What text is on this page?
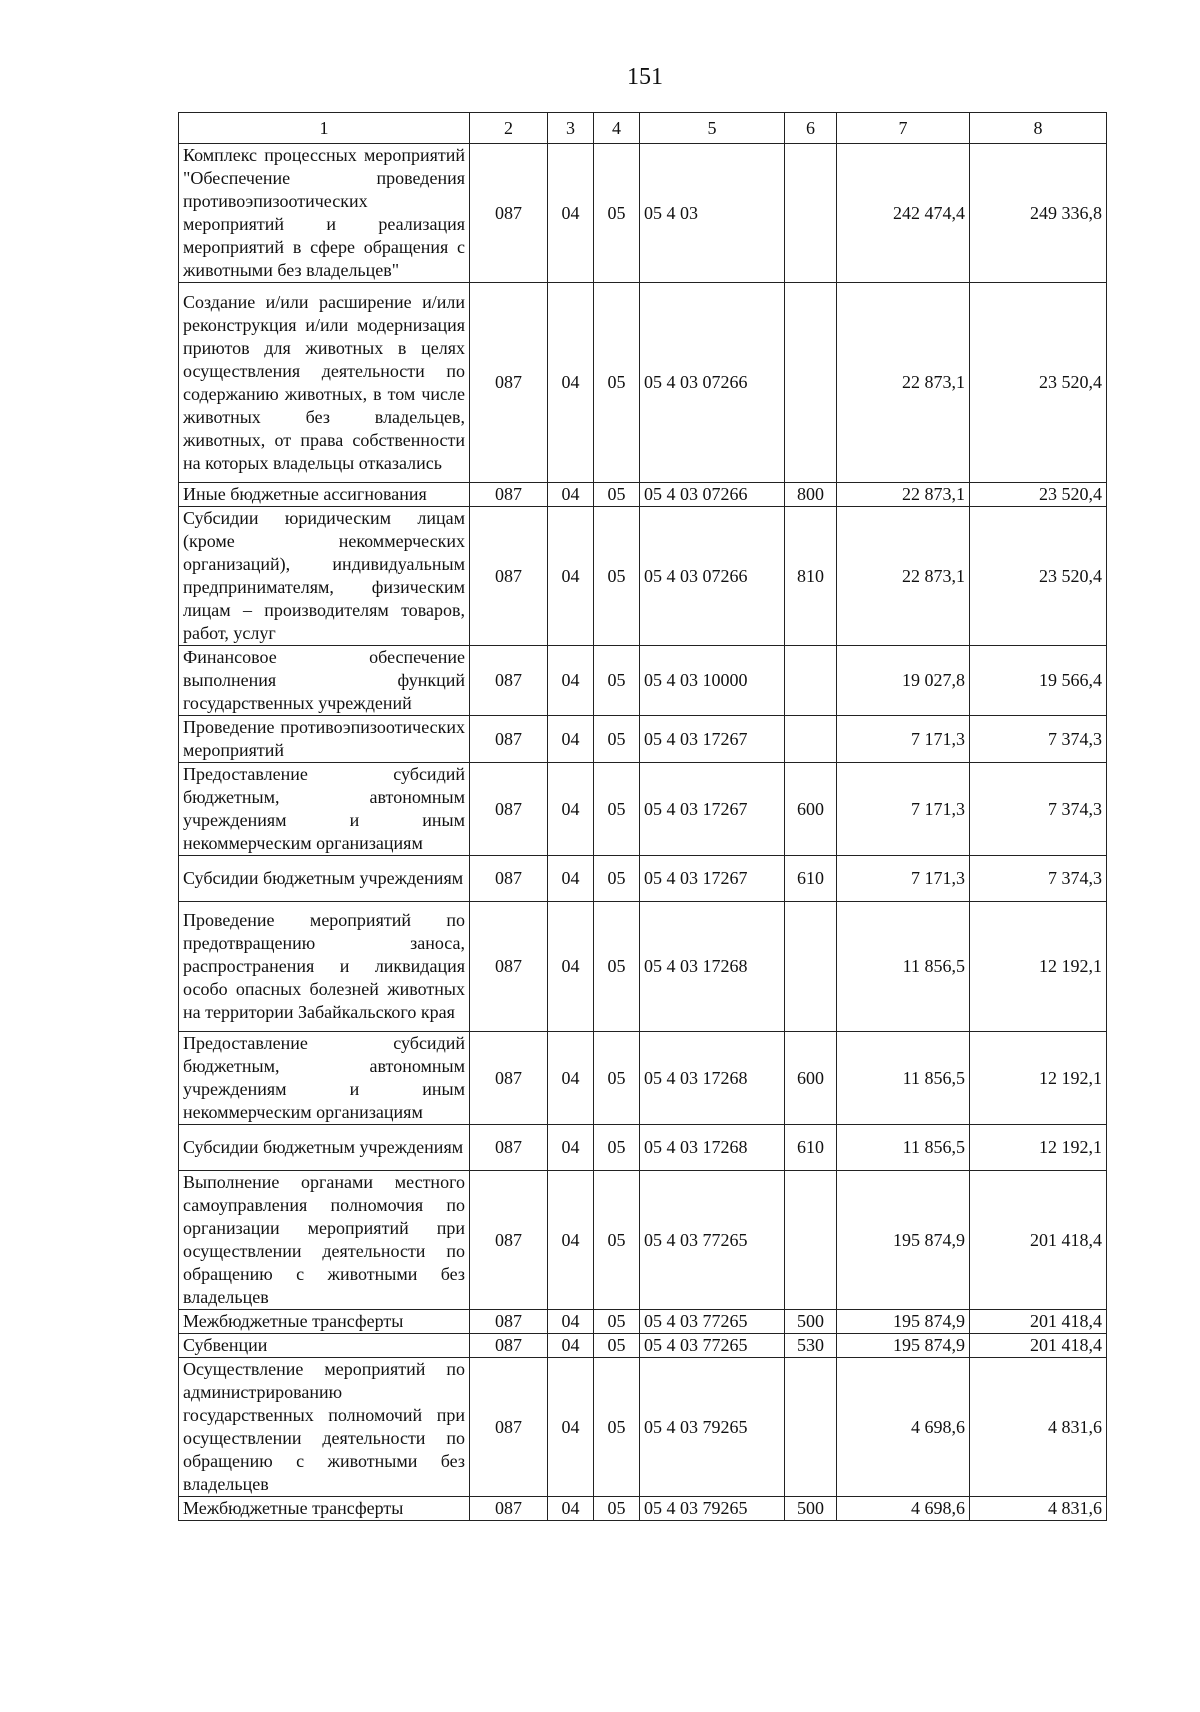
151
1	2	3	4	5	6	7	8
Комплекс процессных мероприятий "Обеспечение проведения противоэпизоотических мероприятий и реализация мероприятий в сфере обращения с животными без владельцев"	087	04	05	05 4 03		242 474,4	249 336,8
Создание и/или расширение и/или реконструкция и/или модернизация приютов для животных в целях осуществления деятельности по содержанию животных, в том числе животных без владельцев, животных, от права собственности на которых владельцы отказались	087	04	05	05 4 03 07266		22 873,1	23 520,4
Иные бюджетные ассигнования	087	04	05	05 4 03 07266	800	22 873,1	23 520,4
Субсидии юридическим лицам (кроме некоммерческих организаций), индивидуальным предпринимателям, физическим лицам – производителям товаров, работ, услуг	087	04	05	05 4 03 07266	810	22 873,1	23 520,4
Финансовое обеспечение выполнения функций государственных учреждений	087	04	05	05 4 03 10000		19 027,8	19 566,4
Проведение противоэпизоотических мероприятий	087	04	05	05 4 03 17267		7 171,3	7 374,3
Предоставление субсидий бюджетным, автономным учреждениям и иным некоммерческим организациям	087	04	05	05 4 03 17267	600	7 171,3	7 374,3
Субсидии бюджетным учреждениям	087	04	05	05 4 03 17267	610	7 171,3	7 374,3
Проведение мероприятий по предотвращению заноса, распространения и ликвидация особо опасных болезней животных на территории Забайкальского края	087	04	05	05 4 03 17268		11 856,5	12 192,1
Предоставление субсидий бюджетным, автономным учреждениям и иным некоммерческим организациям	087	04	05	05 4 03 17268	600	11 856,5	12 192,1
Субсидии бюджетным учреждениям	087	04	05	05 4 03 17268	610	11 856,5	12 192,1
Выполнение органами местного самоуправления полномочия по организации мероприятий при осуществлении деятельности по обращению с животными без владельцев	087	04	05	05 4 03 77265		195 874,9	201 418,4
Межбюджетные трансферты	087	04	05	05 4 03 77265	500	195 874,9	201 418,4
Субвенции	087	04	05	05 4 03 77265	530	195 874,9	201 418,4
Осуществление мероприятий по администрированию государственных полномочий при осуществлении деятельности по обращению с животными без владельцев	087	04	05	05 4 03 79265		4 698,6	4 831,6
Межбюджетные трансферты	087	04	05	05 4 03 79265	500	4 698,6	4 831,6
